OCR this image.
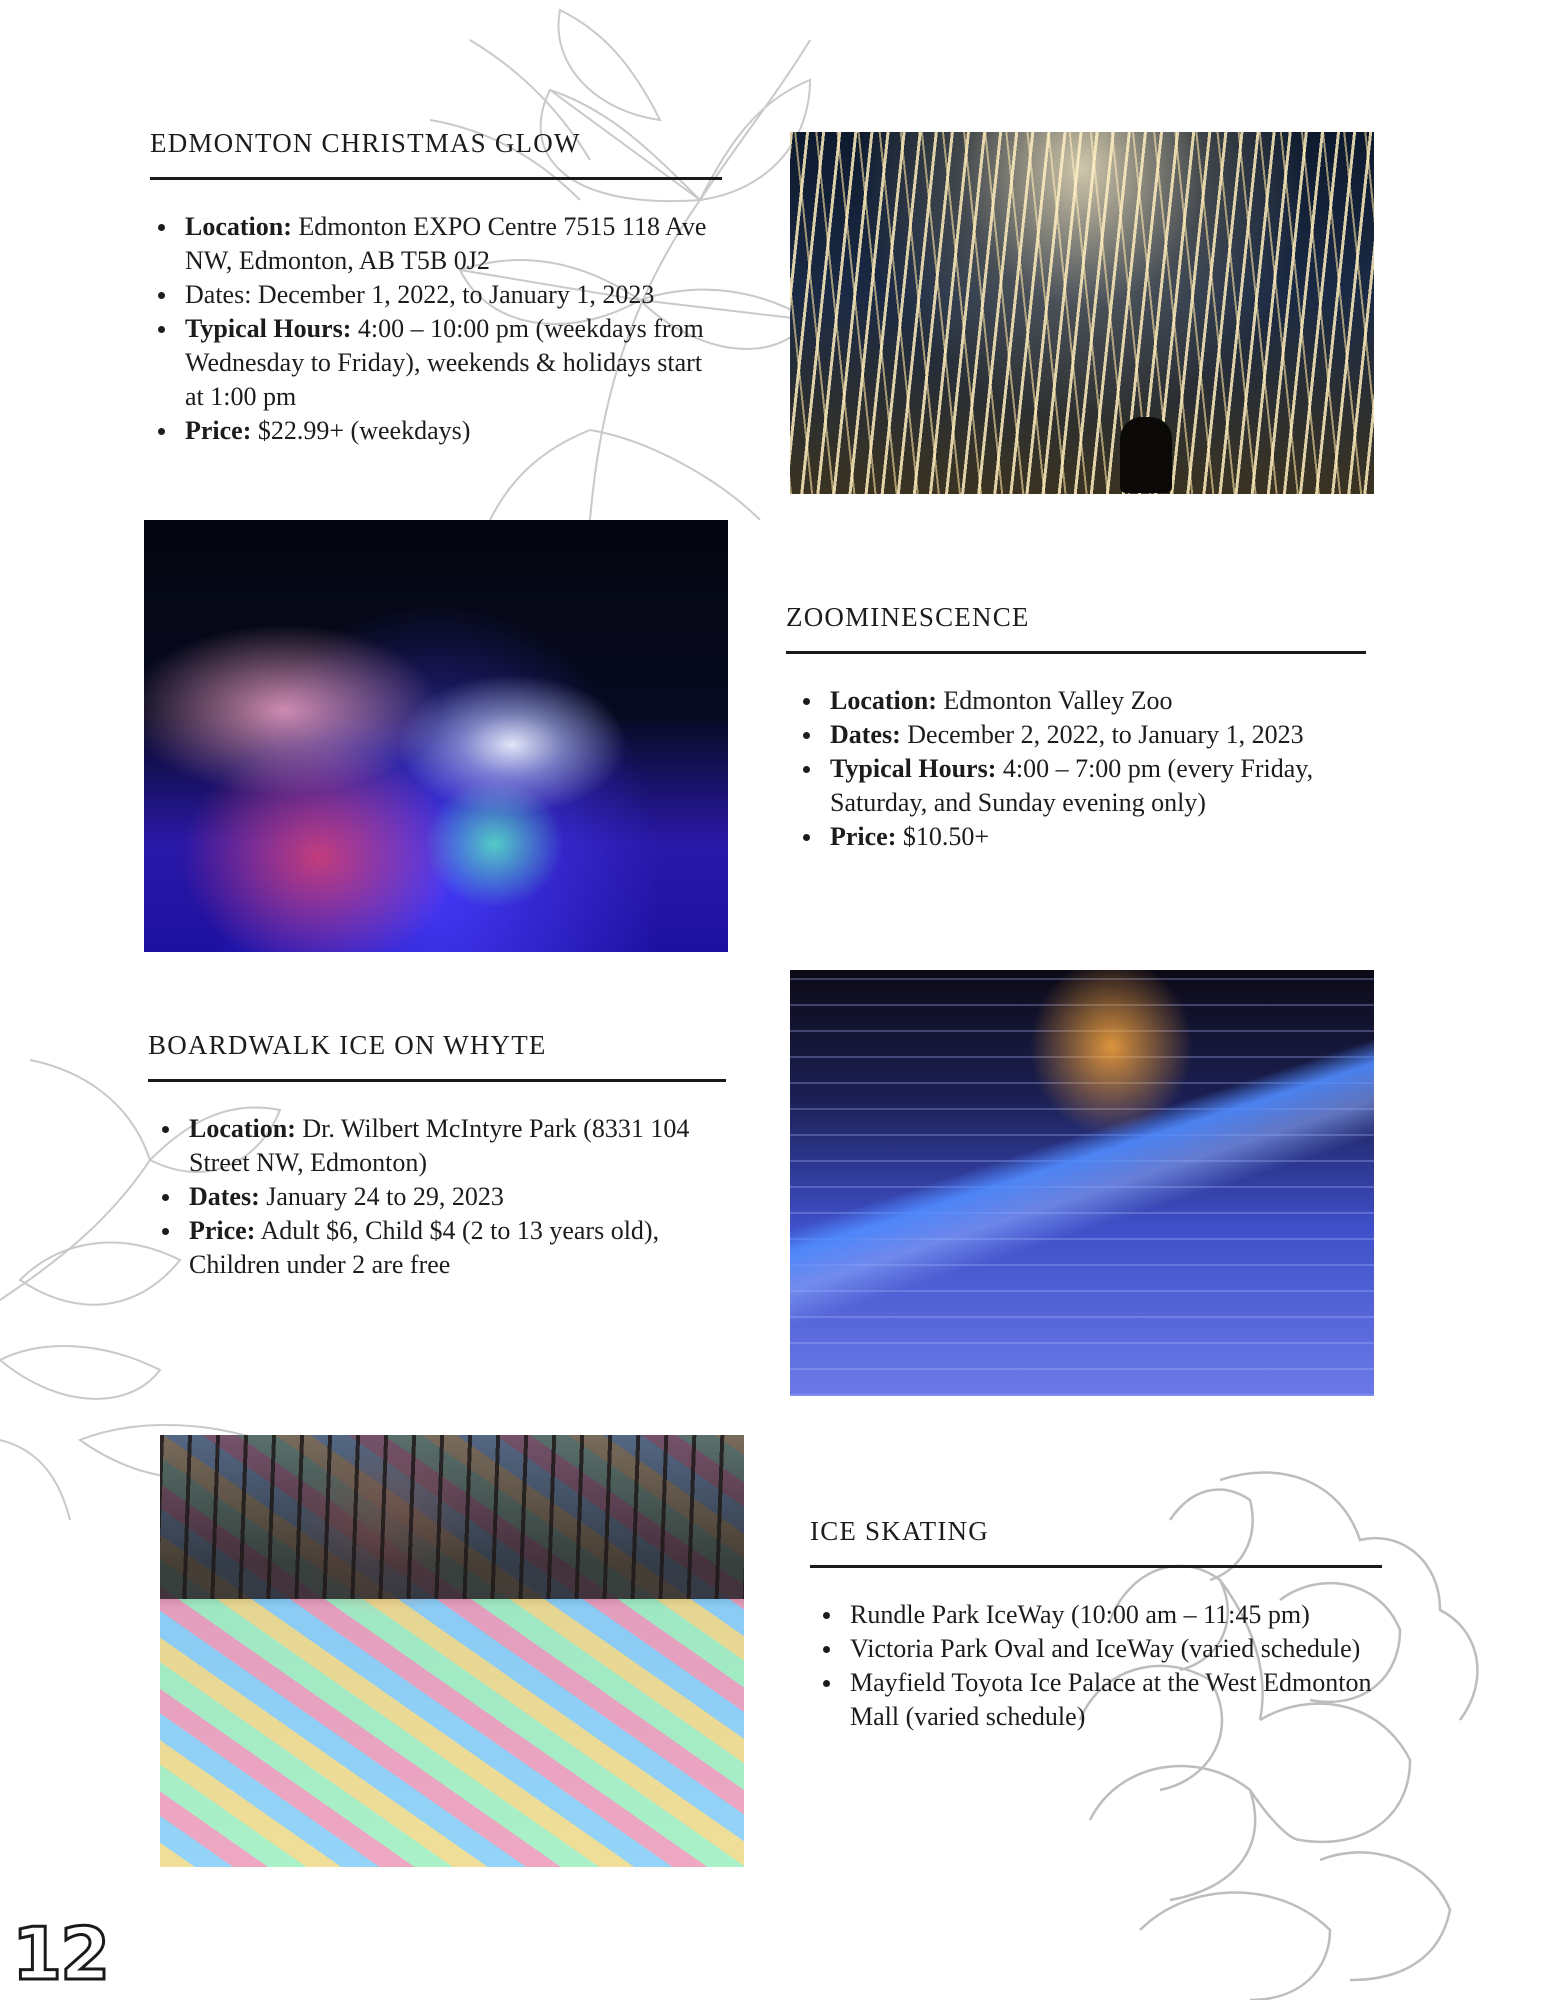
EDMONTON CHRISTMAS GLOW
Location: Edmonton EXPO Centre 7515 118 Ave NW, Edmonton, AB T5B 0J2
Dates: December 1, 2022, to January 1, 2023
Typical Hours: 4:00 – 10:00 pm (weekdays from Wednesday to Friday), weekends & holidays start at 1:00 pm
Price: $22.99+ (weekdays)
ZOOMINESCENCE
Location: Edmonton Valley Zoo
Dates: December 2, 2022, to January 1, 2023
Typical Hours: 4:00 – 7:00 pm (every Friday, Saturday, and Sunday evening only)
Price: $10.50+
BOARDWALK ICE ON WHYTE
Location: Dr. Wilbert McIntyre Park (8331 104 Street NW, Edmonton)
Dates: January 24 to 29, 2023
Price: Adult $6, Child $4 (2 to 13 years old), Children under 2 are free
ICE SKATING
Rundle Park IceWay (10:00 am – 11:45 pm)
Victoria Park Oval and IceWay (varied schedule)
Mayfield Toyota Ice Palace at the West Edmonton Mall (varied schedule)
12
